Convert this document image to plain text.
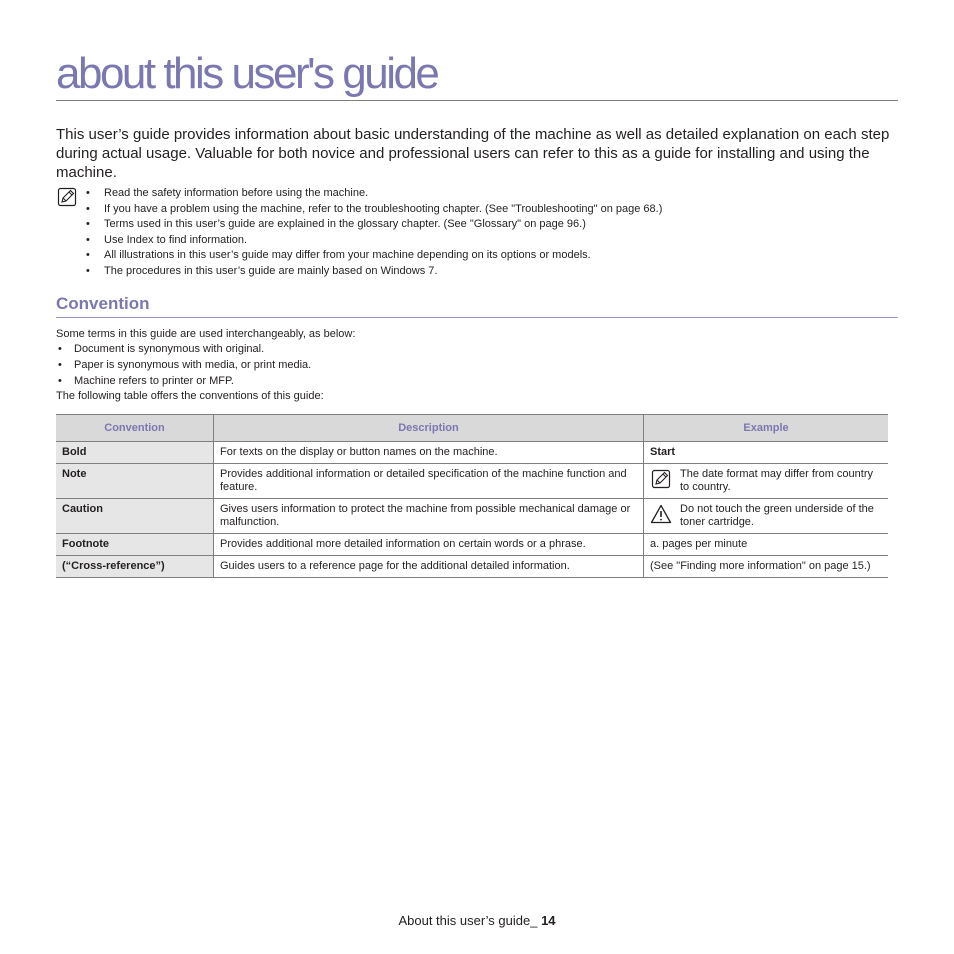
about this user's guide

This user’s guide provides information about basic understanding of the machine as well as detailed explanation on each step during actual usage. Valuable for both novice and professional users can refer to this as a guide for installing and using the machine.

• Read the safety information before using the machine.
• If you have a problem using the machine, refer to the troubleshooting chapter. (See "Troubleshooting" on page 68.)
• Terms used in this user’s guide are explained in the glossary chapter. (See "Glossary" on page 96.)
• Use Index to find information.
• All illustrations in this user’s guide may differ from your machine depending on its options or models.
• The procedures in this user’s guide are mainly based on Windows 7.
Convention

Some terms in this guide are used interchangeably, as below:

• Document is synonymous with original.
• Paper is synonymous with media, or print media.
• Machine refers to printer or MFP.

The following table offers the conventions of this guide:

Convention	Description	Example
Bold	For texts on the display or button names on the machine.	Start
Note	Provides additional information or detailed specification of the machine function and feature.	The date format may differ from country to country.

Caution	Gives users information to protect the machine from possible mechanical damage or malfunction.	Do not touch the green underside of the toner cartridge.

Footnote	Provides additional more detailed information on certain words or a phrase.	a. pages per minute
(“Cross-reference”)	Guides users to a reference page for the additional detailed information.	(See "Finding more information" on page 15.)
About this user’s guide_ 14
